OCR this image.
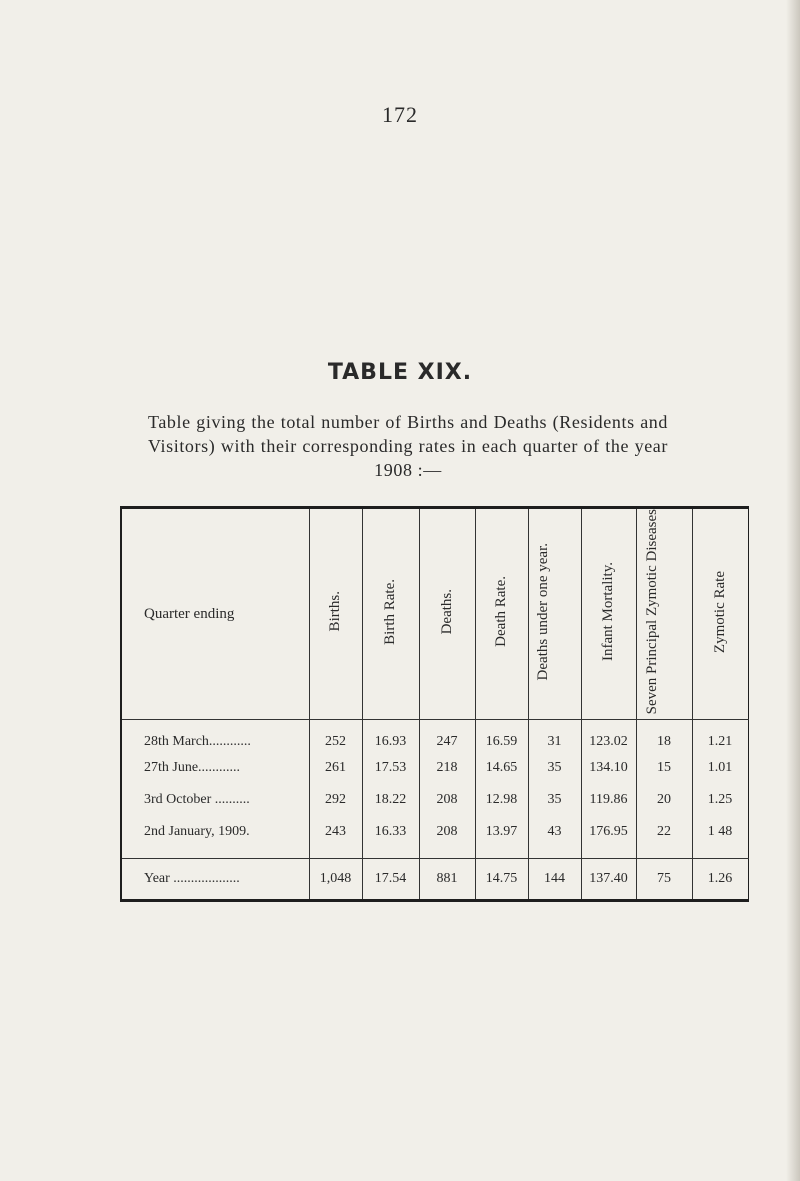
172
TABLE XIX.
Table giving the total number of Births and Deaths (Residents and Visitors) with their corresponding rates in each quarter of the year 1908 :—
Quarter ending	Births.	Birth Rate.	Deaths.	Death Rate.	Deaths under one year.	Infant Mortality.	Seven Principal Zymotic Diseases	Zymotic Rate
28th March............	252	16.93	247	16.59	31	123.02	18	1.21
27th June............	261	17.53	218	14.65	35	134.10	15	1.01
3rd October ..........	292	18.22	208	12.98	35	119.86	20	1.25
2nd January, 1909.	243	16.33	208	13.97	43	176.95	22	1 48

Year ...................	1,048	17.54	881	14.75	144	137.40	75	1.26
